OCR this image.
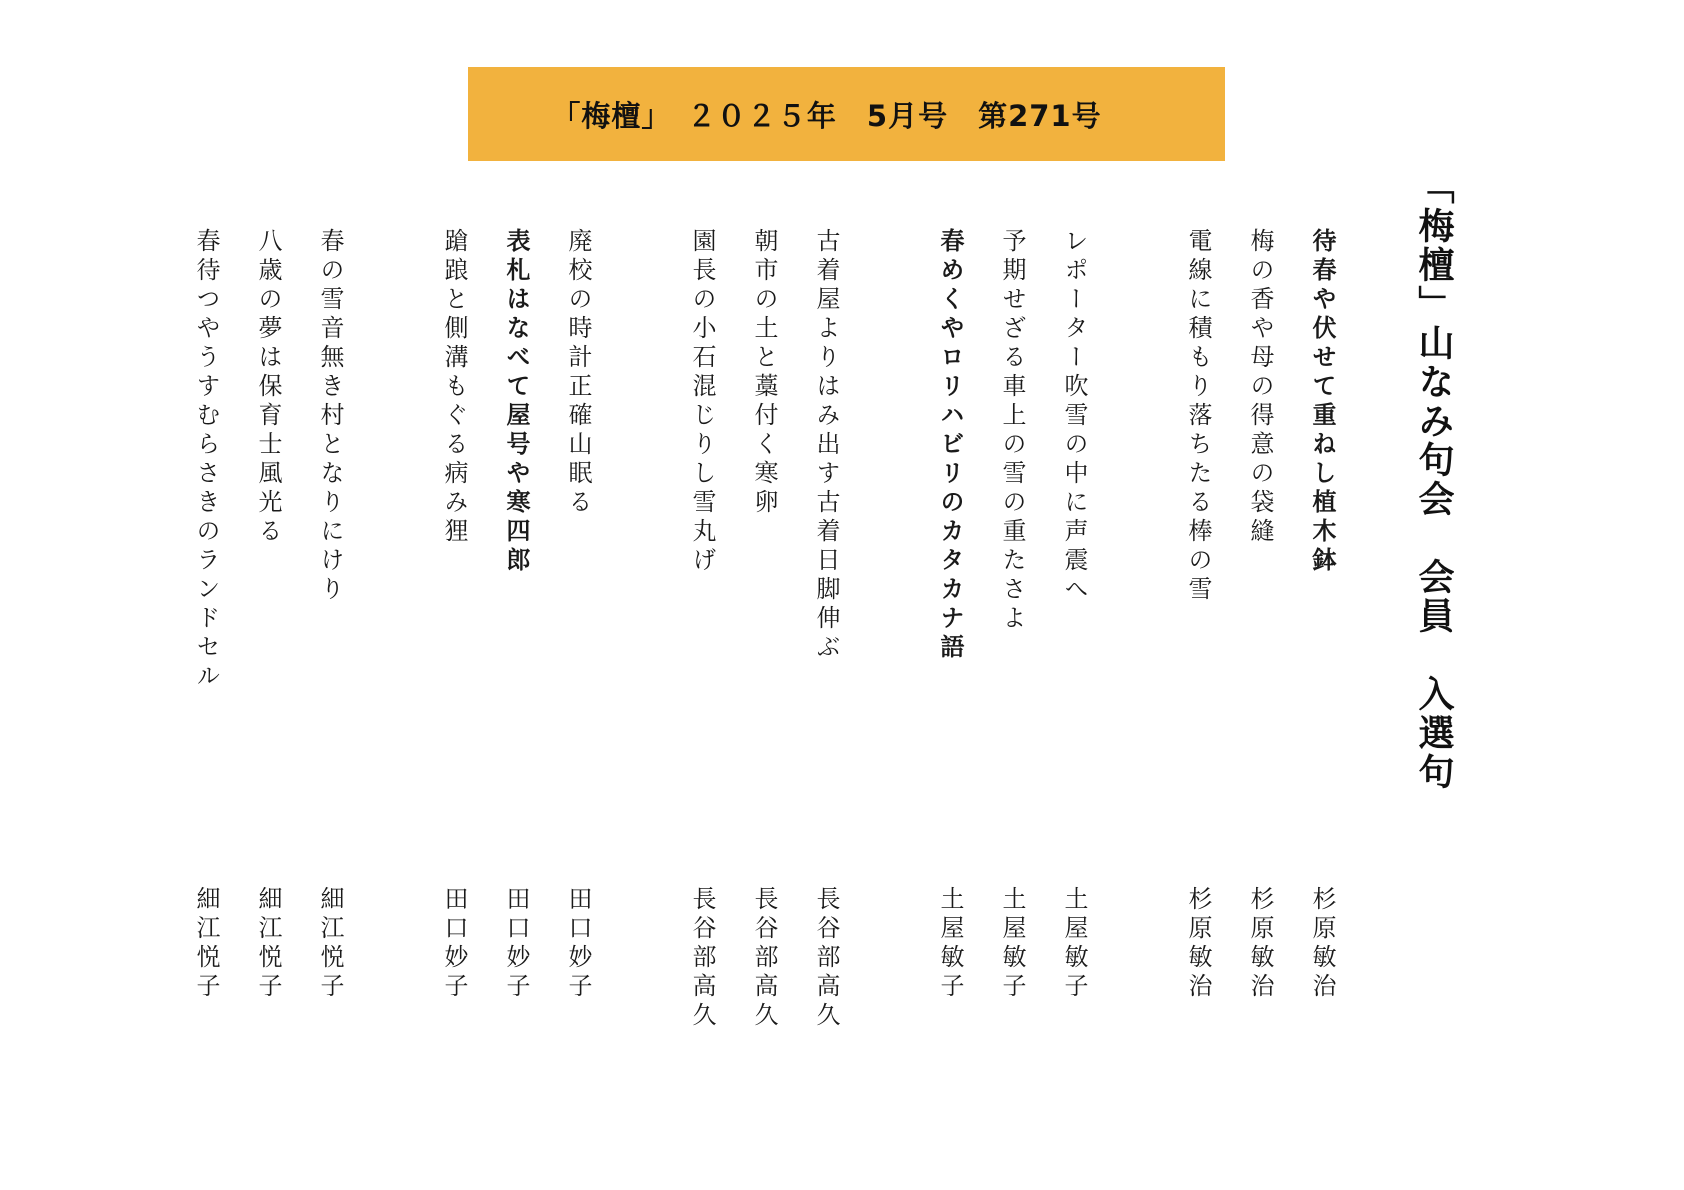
「梅檀」　２０２５年　5月号　第271号
「梅檀」山なみ句会　会員　入選句
待春や伏せて重ねし植木鉢
杉原敏治
梅の香や母の得意の袋縫
杉原敏治
電線に積もり落ちたる棒の雪
杉原敏治
レポーター吹雪の中に声震へ
土屋敏子
予期せざる車上の雪の重たさよ
土屋敏子
春めくやロリハビリのカタカナ語
土屋敏子
古着屋よりはみ出す古着日脚伸ぶ
長谷部高久
朝市の土と藁付く寒卵
長谷部高久
園長の小石混じりし雪丸げ
長谷部高久
廃校の時計正確山眠る
田口妙子
表札はなべて屋号や寒四郎
田口妙子
蹌踉と側溝もぐる病み狸
田口妙子
春の雪音無き村となりにけり
細江悦子
八歳の夢は保育士風光る
細江悦子
春待つやうすむらさきのランドセル
細江悦子
